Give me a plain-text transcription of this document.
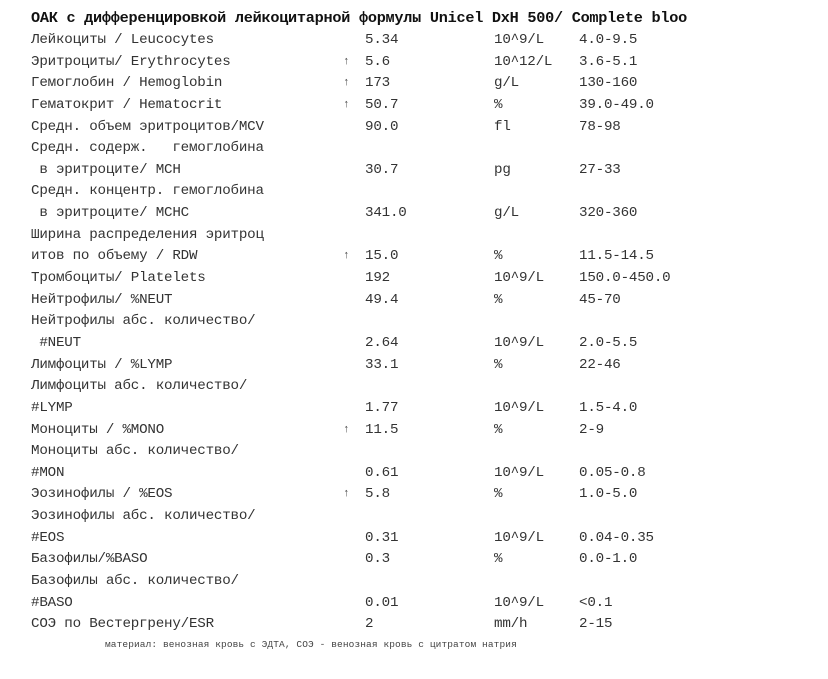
ОАК с дифференцировкой лейкоцитарной формулы Unicel DxH 500/ Complete bloo
Лейкоциты / Leucocytes	5.34	10^9/L 4.0-9.5
Эритроциты/ Erythrocytes	↑ 5.6	10^12/L 3.6-5.1
Гемоглобин / Hemoglobin	↑ 173	g/L	130-160
Гематокрит / Hematocrit	↑ 50.7	%	39.0-49.0
Средн. объем эритроцитов/MCV	90.0	fl	78-98
Средн. содерж.   гемоглобина
в эритроците/ MCH	30.7	pg	27-33
Средн. концентр. гемоглобина
в эритроците/ MCHC	341.0	g/L	320-360
Ширина распределения эритроц
итов по объему / RDW	↑ 15.0	%	11.5-14.5
Тромбоциты/ Platelets	192	10^9/L 150.0-450.0
Нейтрофилы/ %NEUT	49.4	%	45-70
Нейтрофилы абс. количество/
#NEUT	2.64	10^9/L 2.0-5.5
Лимфоциты / %LYMP	33.1	%	22-46
Лимфоциты абс. количество/
#LYMP	1.77	10^9/L 1.5-4.0
Моноциты / %MONO	↑ 11.5	%	2-9
Моноциты абс. количество/
#MON	0.61	10^9/L 0.05-0.8
Эозинофилы / %EOS	↑ 5.8	%	1.0-5.0
Эозинофилы абс. количество/
#EOS	0.31	10^9/L 0.04-0.35
Базофилы/%BASO	0.3	%	0.0-1.0
Базофилы абс. количество/
#BASO	0.01	10^9/L <0.1
СОЭ по Вестергрену/ESR	2	mm/h	2-15
материал: венозная кровь с ЭДТА, СОЭ - венозная кровь с цитратом натрия
